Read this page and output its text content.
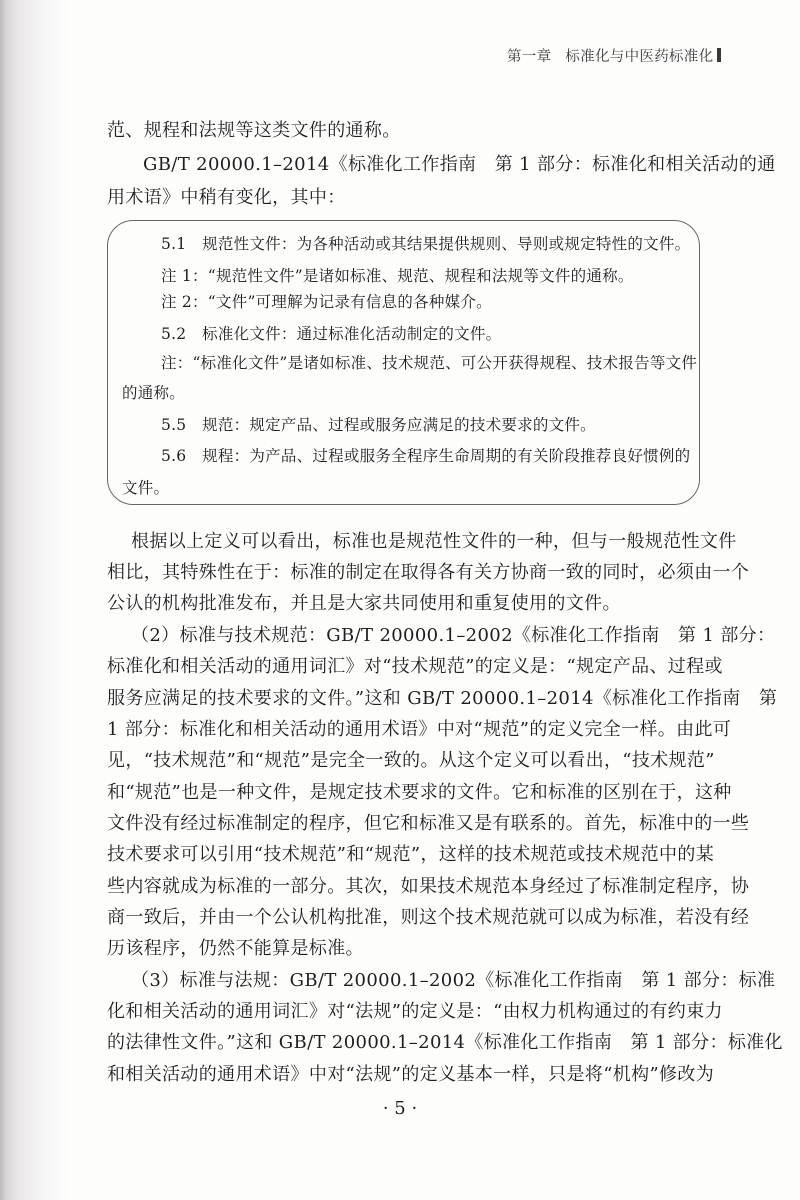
第一章 标准化与中医药标准化
范、规程和法规等这类文件的通称。
GB/T 20000.1–2014《标准化工作指南　第 1 部分：标准化和相关活动的通
用术语》中稍有变化，其中：
5.1　规范性文件：为各种活动或其结果提供规则、导则或规定特性的文件。
注 1：“规范性文件”是诸如标准、规范、规程和法规等文件的通称。
注 2：“文件”可理解为记录有信息的各种媒介。
5.2　标准化文件：通过标准化活动制定的文件。
注：“标准化文件”是诸如标准、技术规范、可公开获得规程、技术报告等文件
的通称。
5.5　规范：规定产品、过程或服务应满足的技术要求的文件。
5.6　规程：为产品、过程或服务全程序生命周期的有关阶段推荐良好惯例的
文件。
根据以上定义可以看出，标准也是规范性文件的一种，但与一般规范性文件
相比，其特殊性在于：标准的制定在取得各有关方协商一致的同时，必须由一个
公认的机构批准发布，并且是大家共同使用和重复使用的文件。
（2）标准与技术规范：GB/T 20000.1–2002《标准化工作指南　第 1 部分：
标准化和相关活动的通用词汇》对“技术规范”的定义是：“规定产品、过程或
服务应满足的技术要求的文件。”这和 GB/T 20000.1–2014《标准化工作指南　第
1 部分：标准化和相关活动的通用术语》中对“规范”的定义完全一样。由此可
见，“技术规范”和“规范”是完全一致的。从这个定义可以看出，“技术规范”
和“规范”也是一种文件，是规定技术要求的文件。它和标准的区别在于，这种
文件没有经过标准制定的程序，但它和标准又是有联系的。首先，标准中的一些
技术要求可以引用“技术规范”和“规范”，这样的技术规范或技术规范中的某
些内容就成为标准的一部分。其次，如果技术规范本身经过了标准制定程序，协
商一致后，并由一个公认机构批准，则这个技术规范就可以成为标准，若没有经
历该程序，仍然不能算是标准。
（3）标准与法规：GB/T 20000.1–2002《标准化工作指南　第 1 部分：标准
化和相关活动的通用词汇》对“法规”的定义是：“由权力机构通过的有约束力
的法律性文件。”这和 GB/T 20000.1–2014《标准化工作指南　第 1 部分：标准化
和相关活动的通用术语》中对“法规”的定义基本一样，只是将“机构”修改为
· 5 ·
